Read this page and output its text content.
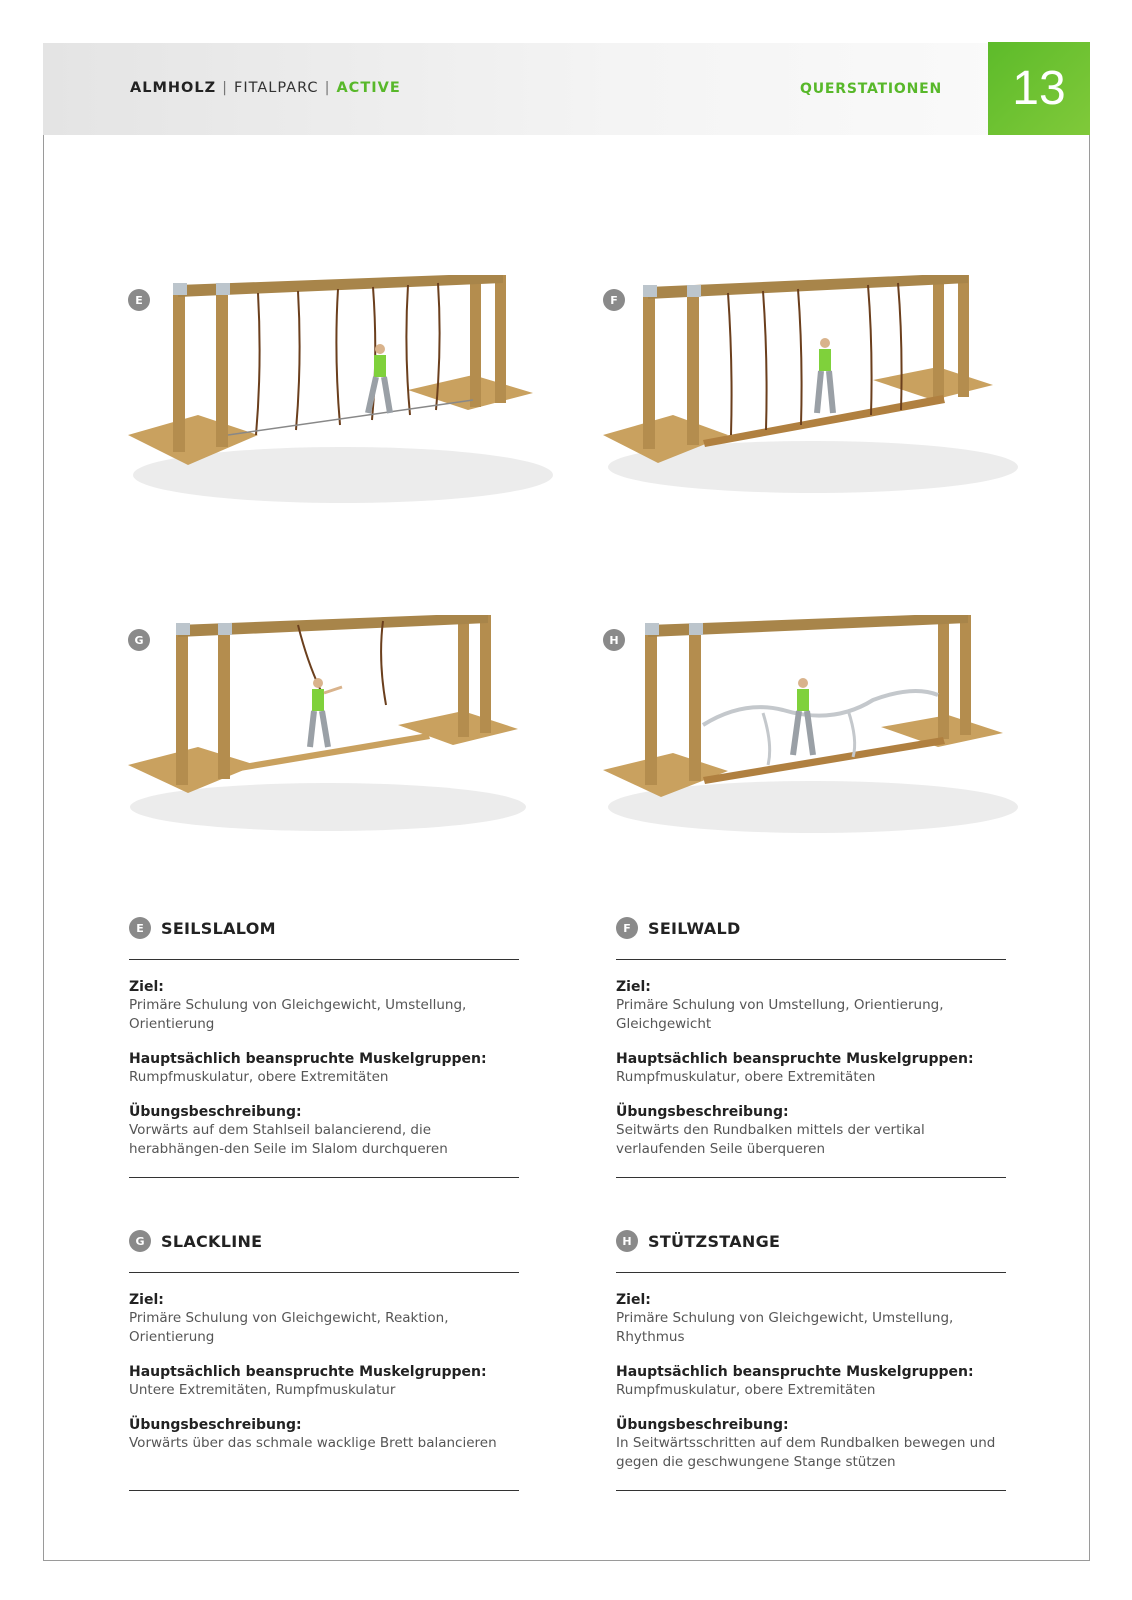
ALMHOLZ | FITALPARC | ACTIVE	QUERSTATIONEN	13
E	F
G	H
E	SEILSLALOM
Ziel:
Primäre Schulung von Gleichgewicht, Umstellung, Orientierung
Hauptsächlich beanspruchte Muskelgruppen:
Rumpfmuskulatur, obere Extremitäten
Übungsbeschreibung:
Vorwärts auf dem Stahlseil balancierend, die herabhängen-den Seile im Slalom durchqueren
F	SEILWALD
Ziel:
Primäre Schulung von Umstellung, Orientierung, Gleichgewicht
Hauptsächlich beanspruchte Muskelgruppen:
Rumpfmuskulatur, obere Extremitäten
Übungsbeschreibung:
Seitwärts den Rundbalken mittels der vertikal verlaufenden Seile überqueren
G	SLACKLINE
Ziel:
Primäre Schulung von Gleichgewicht, Reaktion, Orientierung
Hauptsächlich beanspruchte Muskelgruppen:
Untere Extremitäten, Rumpfmuskulatur
Übungsbeschreibung:
Vorwärts über das schmale wacklige Brett balancieren
H	STÜTZSTANGE
Ziel:
Primäre Schulung von Gleichgewicht, Umstellung, Rhythmus
Hauptsächlich beanspruchte Muskelgruppen:
Rumpfmuskulatur, obere Extremitäten
Übungsbeschreibung:
In Seitwärtsschritten auf dem Rundbalken bewegen und gegen die geschwungene Stange stützen
